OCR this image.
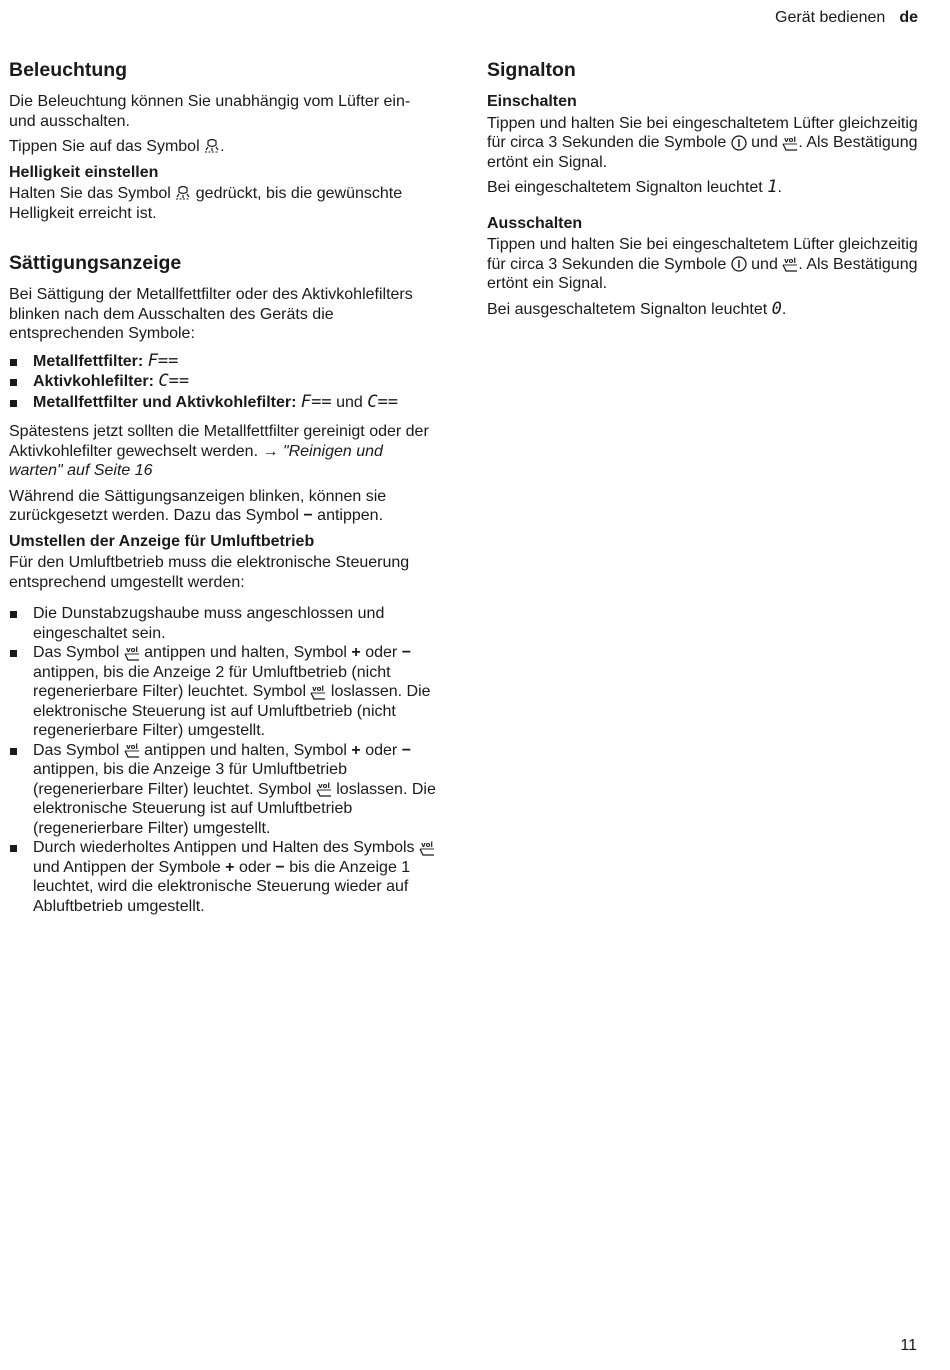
Gerät bedienen de
Beleuchtung

Die Beleuchtung können Sie unabhängig vom Lüfter ein- und ausschalten.

Tippen Sie auf das Symbol .

Helligkeit einstellen

Halten Sie das Symbol gedrückt, bis die gewünschte Helligkeit erreicht ist.

Sättigungsanzeige

Bei Sättigung der Metallfettfilter oder des Aktivkohlefilters blinken nach dem Ausschalten des Geräts die entsprechenden Symbole:

Metallfettfilter: F==
Aktivkohlefilter: C==
Metallfettfilter und Aktivkohlefilter: F== und C==

Spätestens jetzt sollten die Metallfettfilter gereinigt oder der Aktivkohlefilter gewechselt werden. → "Reinigen und warten" auf Seite 16

Während die Sättigungsanzeigen blinken, können sie zurückgesetzt werden. Dazu das Symbol − antippen.

Umstellen der Anzeige für Umluftbetrieb

Für den Umluftbetrieb muss die elektronische Steuerung entsprechend umgestellt werden:

Die Dunstabzugshaube muss angeschlossen und eingeschaltet sein.
Das Symbol antippen und halten, Symbol + oder − antippen, bis die Anzeige 2 für Umluftbetrieb (nicht regenerierbare Filter) leuchtet. Symbol loslassen. Die elektronische Steuerung ist auf Umluftbetrieb (nicht regenerierbare Filter) umgestellt.
Das Symbol antippen und halten, Symbol + oder − antippen, bis die Anzeige 3 für Umluftbetrieb (regenerierbare Filter) leuchtet. Symbol loslassen. Die elektronische Steuerung ist auf Umluftbetrieb (regenerierbare Filter) umgestellt.
Durch wiederholtes Antippen und Halten des Symbols  und Antippen der Symbole + oder − bis die Anzeige 1 leuchtet, wird die elektronische Steuerung wieder auf Abluftbetrieb umgestellt.
Signalton
Einschalten

Tippen und halten Sie bei eingeschaltetem Lüfter gleichzeitig für circa 3 Sekunden die Symbole und . Als Bestätigung ertönt ein Signal.

Bei eingeschaltetem Signalton leuchtet 1.

Ausschalten

Tippen und halten Sie bei eingeschaltetem Lüfter gleichzeitig für circa 3 Sekunden die Symbole und . Als Bestätigung ertönt ein Signal.

Bei ausgeschaltetem Signalton leuchtet 0.

11
